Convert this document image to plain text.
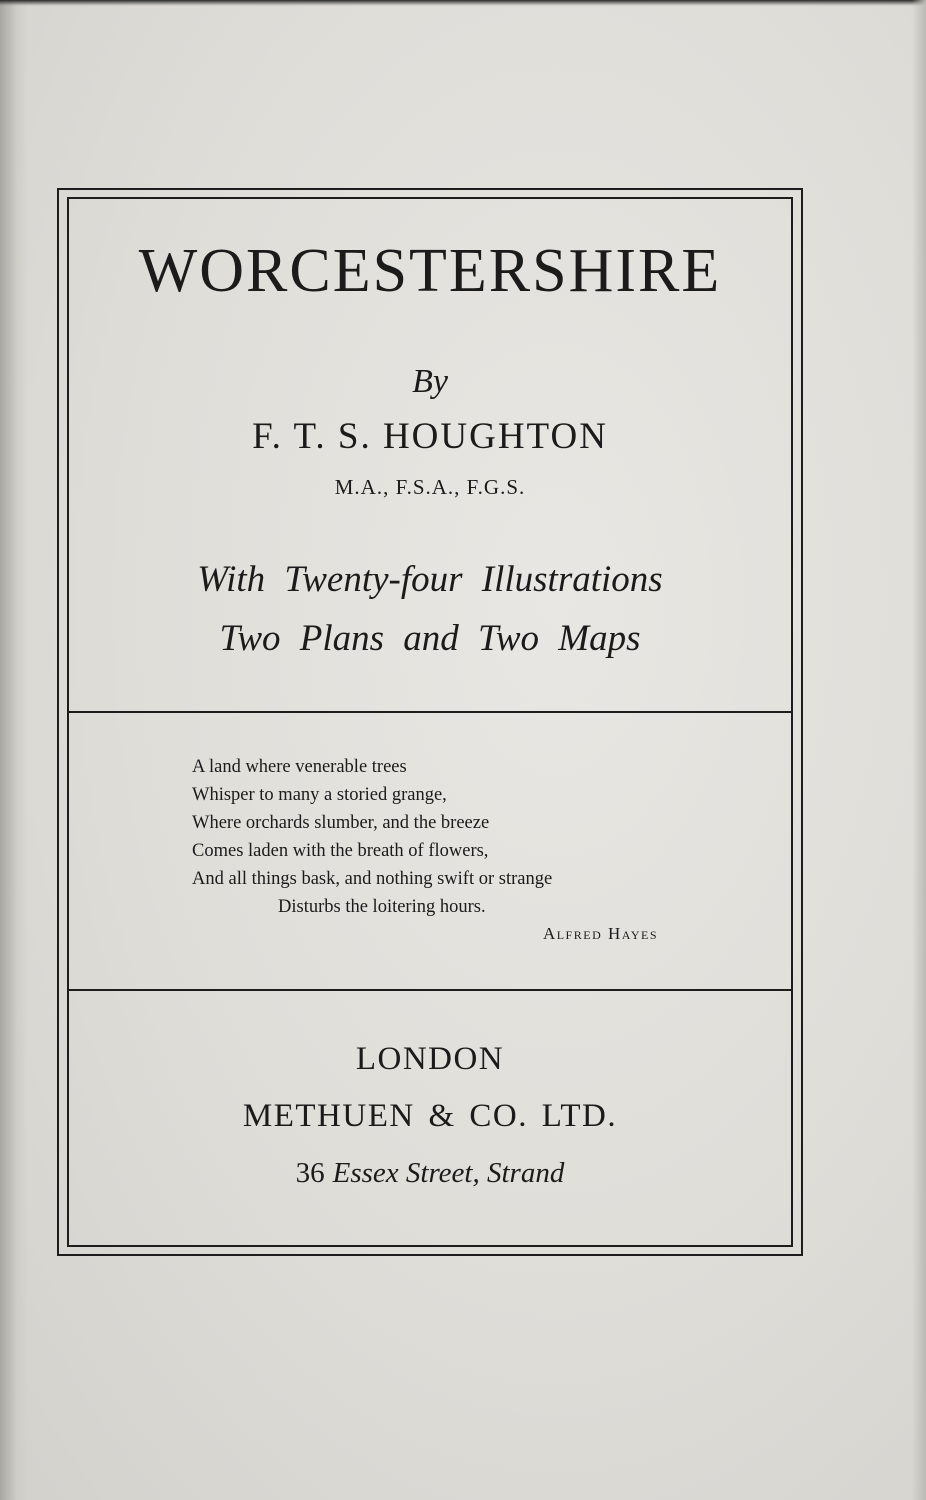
WORCESTERSHIRE
By
F. T. S. HOUGHTON
M.A., F.S.A., F.G.S.
With Twenty-four Illustrations
Two Plans and Two Maps
A land where venerable trees
Whisper to many a storied grange,
Where orchards slumber, and the breeze
Comes laden with the breath of flowers,
And all things bask, and nothing swift or strange
Disturbs the loitering hours.
Alfred Hayes
LONDON
METHUEN & CO. LTD.
36 Essex Street, Strand
